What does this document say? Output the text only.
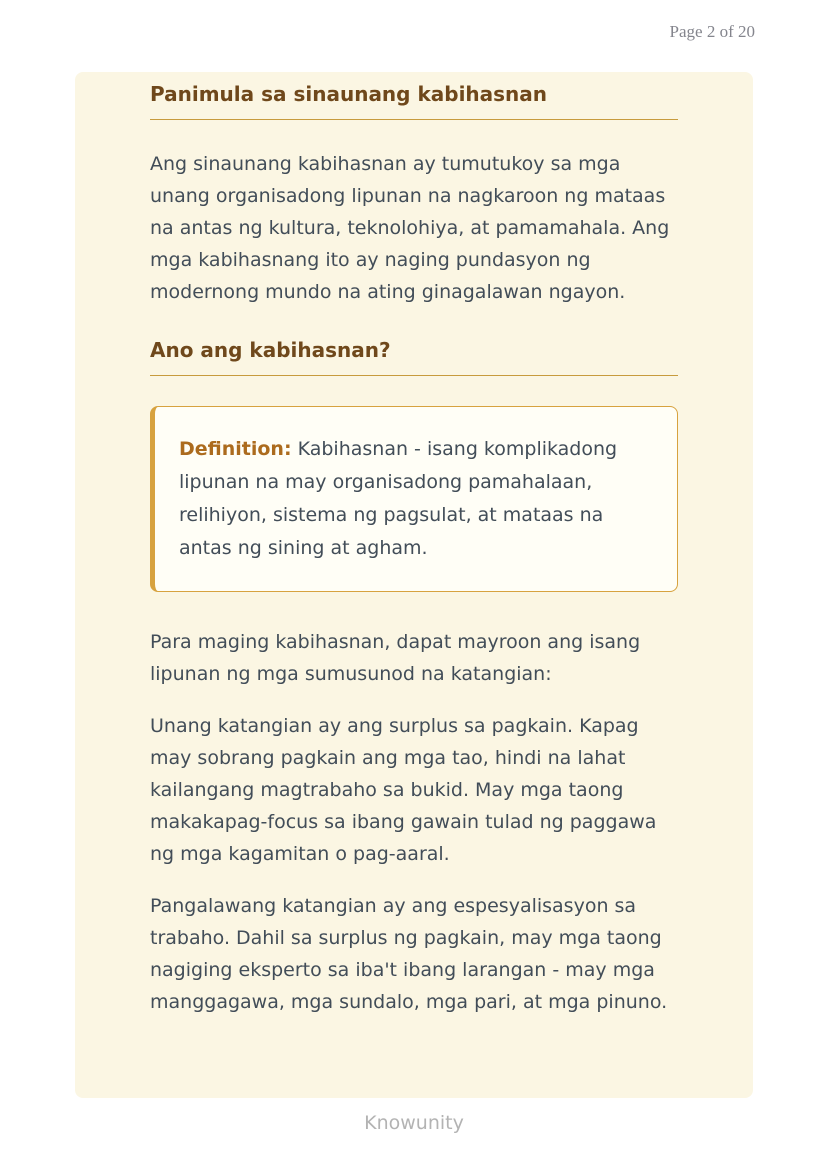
Page 2 of 20
Panimula sa sinaunang kabihasnan

Ang sinaunang kabihasnan ay tumutukoy sa mga unang organisadong lipunan na nagkaroon ng mataas na antas ng kultura, teknolohiya, at pamamahala. Ang mga kabihasnang ito ay naging pundasyon ng modernong mundo na ating ginagalawan ngayon.

Ano ang kabihasnan?

Definition: Kabihasnan - isang komplikadong lipunan na may organisadong pamahalaan, relihiyon, sistema ng pagsulat, at mataas na antas ng sining at agham.

Para maging kabihasnan, dapat mayroon ang isang lipunan ng mga sumusunod na katangian:

Unang katangian ay ang surplus sa pagkain. Kapag may sobrang pagkain ang mga tao, hindi na lahat kailangang magtrabaho sa bukid. May mga taong makakapag-focus sa ibang gawain tulad ng paggawa ng mga kagamitan o pag-aaral.

Pangalawang katangian ay ang espesyalisasyon sa trabaho. Dahil sa surplus ng pagkain, may mga taong nagiging eksperto sa iba't ibang larangan - may mga manggagawa, mga sundalo, mga pari, at mga pinuno.

Knowunity
